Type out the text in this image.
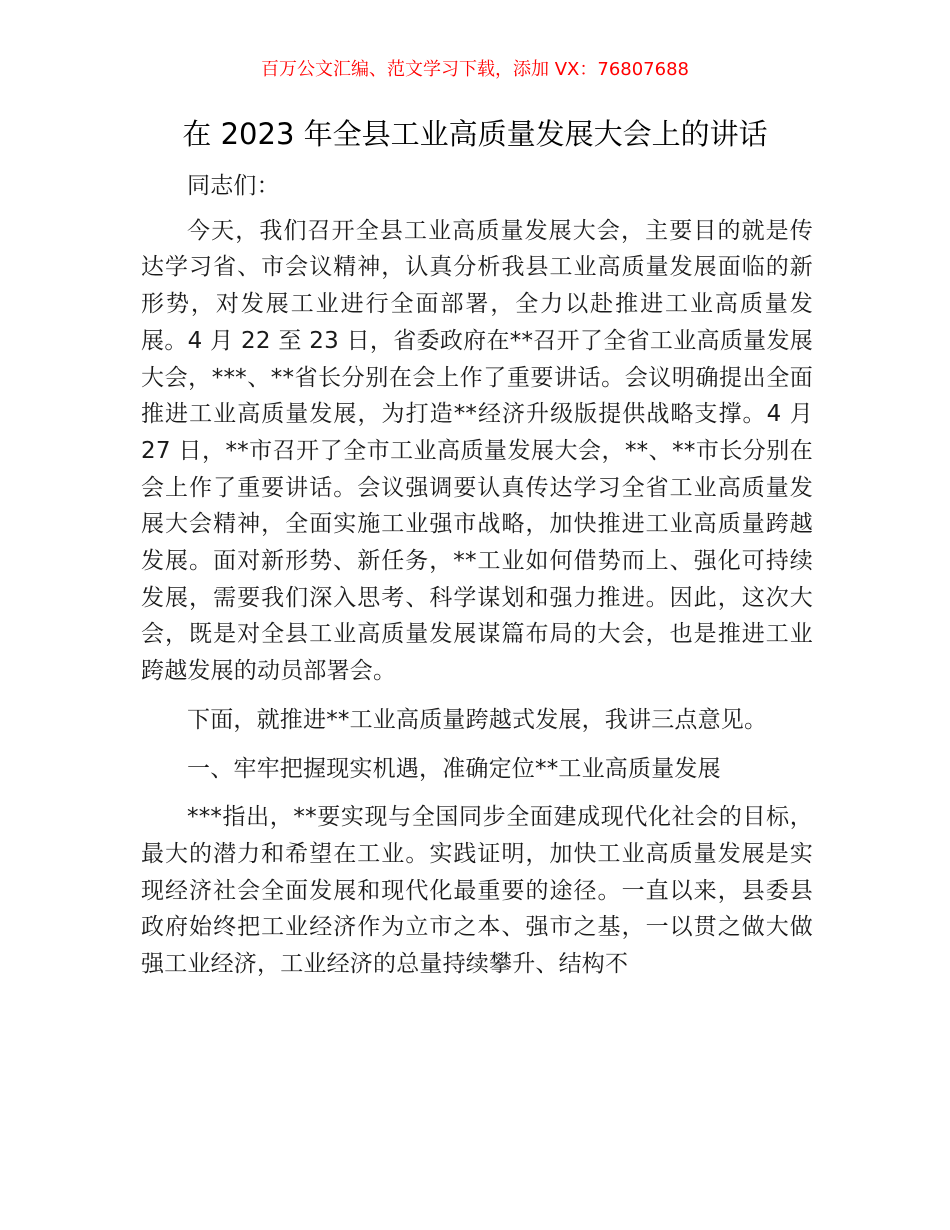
百万公文汇编、范文学习下载，添加 VX：76807688
在 2023 年全县工业高质量发展大会上的讲话

同志们：

今天，我们召开全县工业高质量发展大会，主要目的就是传达学习省、市会议精神，认真分析我县工业高质量发展面临的新形势，对发展工业进行全面部署，全力以赴推进工业高质量发展。4 月 22 至 23 日，省委政府在**召开了全省工业高质量发展大会，***、**省长分别在会上作了重要讲话。会议明确提出全面推进工业高质量发展，为打造**经济升级版提供战略支撑。4 月 27 日，**市召开了全市工业高质量发展大会，**、**市长分别在会上作了重要讲话。会议强调要认真传达学习全省工业高质量发展大会精神，全面实施工业强市战略，加快推进工业高质量跨越发展。面对新形势、新任务，**工业如何借势而上、强化可持续发展，需要我们深入思考、科学谋划和强力推进。因此，这次大会，既是对全县工业高质量发展谋篇布局的大会，也是推进工业跨越发展的动员部署会。

下面，就推进**工业高质量跨越式发展，我讲三点意见。

一、牢牢把握现实机遇，准确定位**工业高质量发展

***指出，**要实现与全国同步全面建成现代化社会的目标，最大的潜力和希望在工业。实践证明，加快工业高质量发展是实现经济社会全面发展和现代化最重要的途径。一直以来，县委县政府始终把工业经济作为立市之本、强市之基，一以贯之做大做强工业经济，工业经济的总量持续攀升、结构不
